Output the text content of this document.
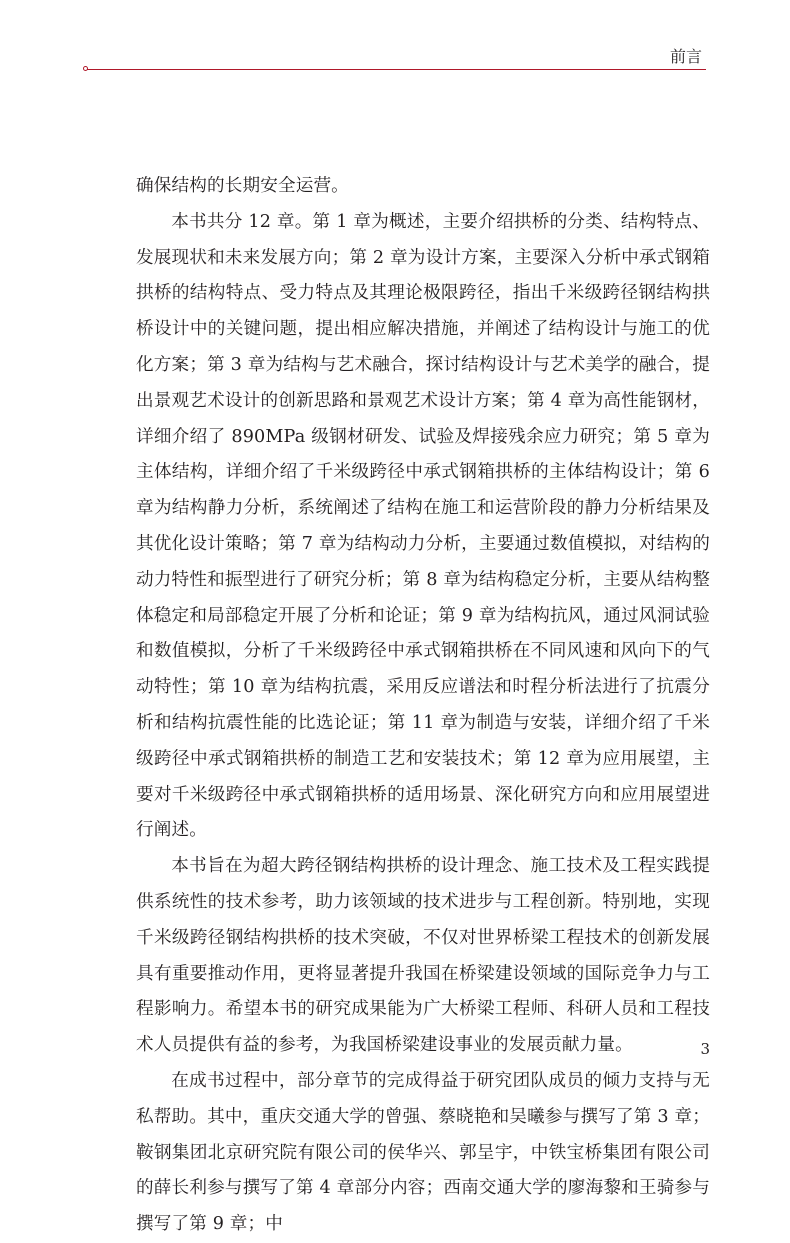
前言

确保结构的长期安全运营。

本书共分 12 章。第 1 章为概述，主要介绍拱桥的分类、结构特点、发展现状和未来发展方向；第 2 章为设计方案，主要深入分析中承式钢箱拱桥的结构特点、受力特点及其理论极限跨径，指出千米级跨径钢结构拱桥设计中的关键问题，提出相应解决措施，并阐述了结构设计与施工的优化方案；第 3 章为结构与艺术融合，探讨结构设计与艺术美学的融合，提出景观艺术设计的创新思路和景观艺术设计方案；第 4 章为高性能钢材，详细介绍了 890MPa 级钢材研发、试验及焊接残余应力研究；第 5 章为主体结构，详细介绍了千米级跨径中承式钢箱拱桥的主体结构设计；第 6 章为结构静力分析，系统阐述了结构在施工和运营阶段的静力分析结果及其优化设计策略；第 7 章为结构动力分析，主要通过数值模拟，对结构的动力特性和振型进行了研究分析；第 8 章为结构稳定分析，主要从结构整体稳定和局部稳定开展了分析和论证；第 9 章为结构抗风，通过风洞试验和数值模拟，分析了千米级跨径中承式钢箱拱桥在不同风速和风向下的气动特性；第 10 章为结构抗震，采用反应谱法和时程分析法进行了抗震分析和结构抗震性能的比选论证；第 11 章为制造与安装，详细介绍了千米级跨径中承式钢箱拱桥的制造工艺和安装技术；第 12 章为应用展望，主要对千米级跨径中承式钢箱拱桥的适用场景、深化研究方向和应用展望进行阐述。

本书旨在为超大跨径钢结构拱桥的设计理念、施工技术及工程实践提供系统性的技术参考，助力该领域的技术进步与工程创新。特别地，实现千米级跨径钢结构拱桥的技术突破，不仅对世界桥梁工程技术的创新发展具有重要推动作用，更将显著提升我国在桥梁建设领域的国际竞争力与工程影响力。希望本书的研究成果能为广大桥梁工程师、科研人员和工程技术人员提供有益的参考，为我国桥梁建设事业的发展贡献力量。

在成书过程中，部分章节的完成得益于研究团队成员的倾力支持与无私帮助。其中，重庆交通大学的曾强、蔡晓艳和吴曦参与撰写了第 3 章；鞍钢集团北京研究院有限公司的侯华兴、郭呈宇，中铁宝桥集团有限公司的薛长利参与撰写了第 4 章部分内容；西南交通大学的廖海黎和王骑参与撰写了第 9 章；中

3
